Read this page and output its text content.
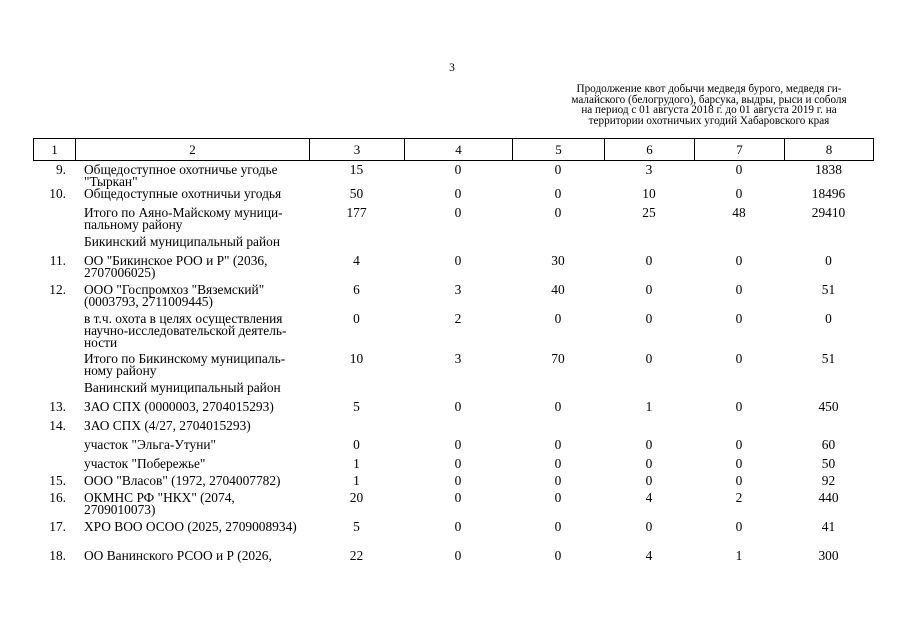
3
Продолжение квот добычи медведя бурого, медведя ги-
малайского (белогрудого), барсука, выдры, рыси и соболя
на период с 01 августа 2018 г. до 01 августа 2019 г. на
территории охотничьих угодий Хабаровского края
1	2	3	4	5	6	7	8
9.	Общедоступное охотничье угодье "Тыркан"	15	0	0	3	0	1838
10.	Общедоступные охотничьи угодья	50	0	0	10	0	18496
	Итого по Аяно-Майскому муници-пальному району	177	0	0	25	48	29410
	Бикинский муниципальный район						
11.	ОО "Бикинское РОО и Р" (2036, 2707006025)	4	0	30	0	0	0
12.	ООО "Госпромхоз "Вяземский" (0003793, 2711009445)	6	3	40	0	0	51
	в т.ч. охота в целях осуществления научно-исследовательской деятель-ности	0	2	0	0	0	0
	Итого по Бикинскому муниципаль-ному району	10	3	70	0	0	51
	Ванинский муниципальный район						
13.	ЗАО СПХ (0000003, 2704015293)	5	0	0	1	0	450
14.	ЗАО СПХ (4/27, 2704015293)						
	участок "Эльга-Утуни"	0	0	0	0	0	60
	участок "Побережье"	1	0	0	0	0	50
15.	ООО "Власов" (1972, 2704007782)	1	0	0	0	0	92
16.	ОКМНС РФ "НКХ" (2074, 2709010073)	20	0	0	4	2	440
17.	ХРО ВОО ОСОО (2025, 2709008934)	5	0	0	0	0	41
18.	ОО Ванинского РСОО и Р (2026,	22	0	0	4	1	300
